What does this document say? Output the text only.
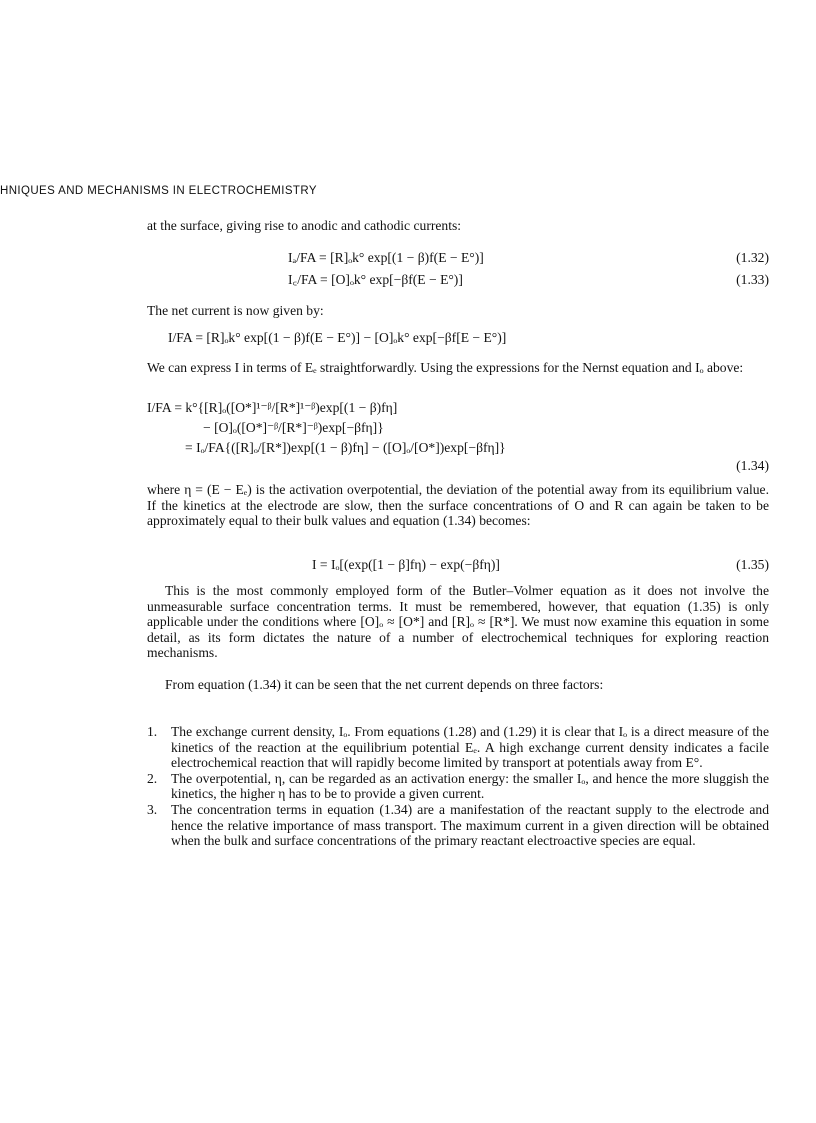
HNIQUES AND MECHANISMS IN ELECTROCHEMISTRY
at the surface, giving rise to anodic and cathodic currents:
Iₐ/FA = [R]ₒk° exp[(1 − β)f(E − E°)]	(1.32)
I꜀/FA = [O]ₒk° exp[−βf(E − E°)]	(1.33)
The net current is now given by:
I/FA = [R]ₒk° exp[(1 − β)f(E − E°)] − [O]ₒk° exp[−βf[E − E°)]
We can express I in terms of Eₑ straightforwardly. Using the expressions for the Nernst equation and Iₒ above:
I/FA = k°{[R]ₒ([O*]¹⁻ᵝ/[R*]¹⁻ᵝ)exp[(1 − β)fη]
− [O]ₒ([O*]⁻ᵝ/[R*]⁻ᵝ)exp[−βfη]}
= Iₒ/FA{([R]ₒ/[R*])exp[(1 − β)fη] − ([O]ₒ/[O*])exp[−βfη]}
(1.34)
where η = (E − Eₑ) is the activation overpotential, the deviation of the potential away from its equilibrium value. If the kinetics at the electrode are slow, then the surface concentrations of O and R can again be taken to be approximately equal to their bulk values and equation (1.34) becomes:
I = Iₒ[(exp([1 − β]fη) − exp(−βfη)]	(1.35)
This is the most commonly employed form of the Butler–Volmer equation as it does not involve the unmeasurable surface concentration terms. It must be remembered, however, that equation (1.35) is only applicable under the conditions where [O]ₒ ≈ [O*] and [R]ₒ ≈ [R*]. We must now examine this equation in some detail, as its form dictates the nature of a number of electrochemical techniques for exploring reaction mechanisms.
From equation (1.34) it can be seen that the net current depends on three factors:
1.	The exchange current density, Iₒ. From equations (1.28) and (1.29) it is clear that Iₒ is a direct measure of the kinetics of the reaction at the equilibrium potential Eₑ. A high exchange current density indicates a facile electrochemical reaction that will rapidly become limited by transport at potentials away from E°.
2.	The overpotential, η, can be regarded as an activation energy: the smaller Iₒ, and hence the more sluggish the kinetics, the higher η has to be to provide a given current.
3.	The concentration terms in equation (1.34) are a manifestation of the reactant supply to the electrode and hence the relative importance of mass transport. The maximum current in a given direction will be obtained when the bulk and surface concentrations of the primary reactant electroactive species are equal.
